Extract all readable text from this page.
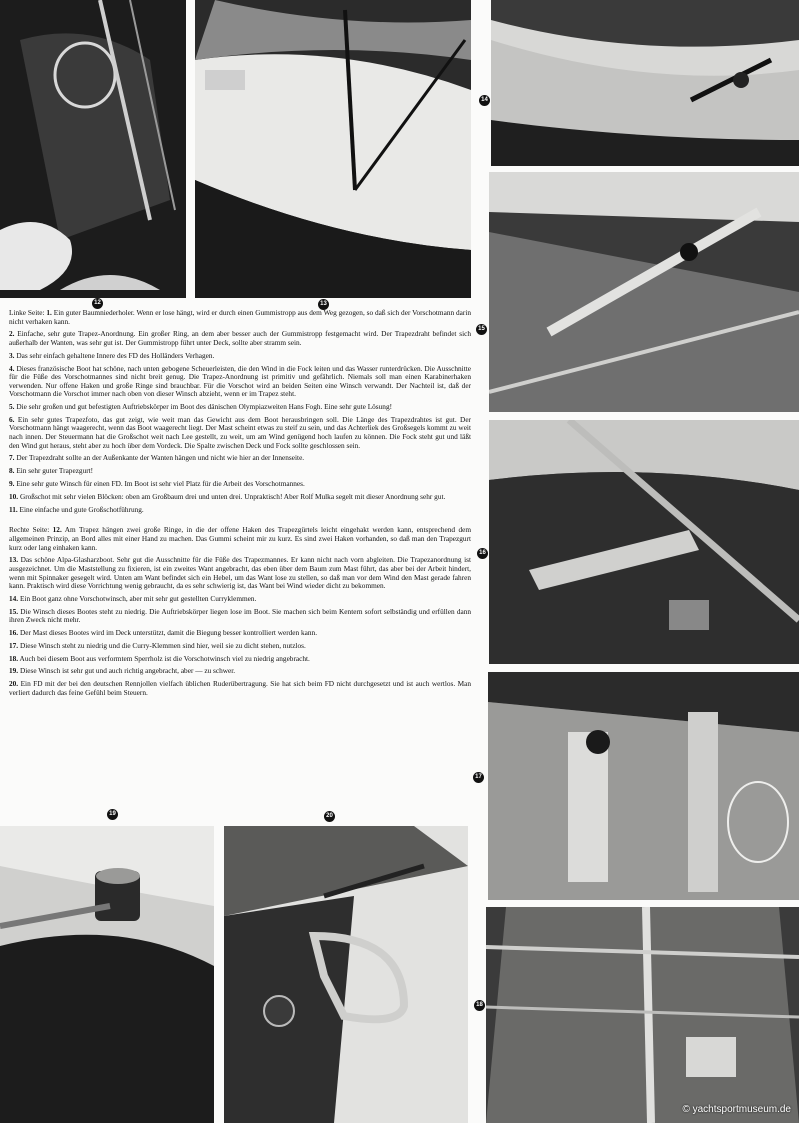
12	13
14
15
16
17
18
19	20

Linke Seite: 1. Ein guter Baumniederholer. Wenn er lose hängt, wird er durch einen Gummistropp aus dem Weg gezogen, so daß sich der Vorschotmann darin nicht verhaken kann.

2. Einfache, sehr gute Trapez-Anordnung. Ein großer Ring, an dem aber besser auch der Gummistropp festgemacht wird. Der Trapezdraht befindet sich außerhalb der Wanten, was sehr gut ist. Der Gummistropp führt unter Deck, sollte aber stramm sein.

3. Das sehr einfach gehaltene Innere des FD des Holländers Verhagen.

4. Dieses französische Boot hat schöne, nach unten gebogene Scheuerleisten, die den Wind in die Fock leiten und das Wasser runterdrücken. Die Ausschnitte für die Füße des Vorschotmannes sind nicht breit genug. Die Trapez-Anordnung ist primitiv und gefährlich. Niemals soll man einen Karabinerhaken verwenden. Nur offene Haken und große Ringe sind brauchbar. Für die Vorschot wird an beiden Seiten eine Winsch verwandt. Der Nachteil ist, daß der Vorschotmann die Vorschot immer nach oben von dieser Winsch abzieht, wenn er im Trapez steht.

5. Die sehr großen und gut befestigten Auftriebskörper im Boot des dänischen Olympiazweiten Hans Fogh. Eine sehr gute Lösung!

6. Ein sehr gutes Trapezfoto, das gut zeigt, wie weit man das Gewicht aus dem Boot herausbringen soll. Die Länge des Trapezdrahtes ist gut. Der Vorschotmann hängt waagerecht, wenn das Boot waagerecht liegt. Der Mast scheint etwas zu steif zu sein, und das Achterliek des Großsegels kommt zu weit nach innen. Der Steuermann hat die Großschot weit nach Lee gestellt, zu weit, um am Wind genügend hoch laufen zu können. Die Fock steht gut und läßt den Wind gut heraus, steht aber zu hoch über dem Vordeck. Die Spalte zwischen Deck und Fock sollte geschlossen sein.

7. Der Trapezdraht sollte an der Außenkante der Wanten hängen und nicht wie hier an der Innenseite.

8. Ein sehr guter Trapezgurt!

9. Eine sehr gute Winsch für einen FD. Im Boot ist sehr viel Platz für die Arbeit des Vorschotmannes.

10. Großschot mit sehr vielen Blöcken: oben am Großbaum drei und unten drei. Unpraktisch! Aber Rolf Mulka segelt mit dieser Anordnung sehr gut.

11. Eine einfache und gute Großschotführung.

Rechte Seite: 12. Am Trapez hängen zwei große Ringe, in die der offene Haken des Trapezgürtels leicht eingehakt werden kann, entsprechend dem allgemeinen Prinzip, an Bord alles mit einer Hand zu machen. Das Gummi scheint mir zu kurz. Es sind zwei Haken vorhanden, so daß man den Trapezgurt kurz oder lang einhaken kann.

13. Das schöne Alpa-Glasharzboot. Sehr gut die Ausschnitte für die Füße des Trapezmannes. Er kann nicht nach vorn abgleiten. Die Trapezanordnung ist ausgezeichnet. Um die Maststellung zu fixieren, ist ein zweites Want angebracht, das eben über dem Baum zum Mast führt, das aber bei der Arbeit hindert, wenn mit Spinnaker gesegelt wird. Unten am Want befindet sich ein Hebel, um das Want lose zu stellen, so daß man vor dem Wind den Mast gerade fahren kann. Praktisch wird diese Vorrichtung wenig gebraucht, da es sehr schwierig ist, das Want bei Wind wieder dicht zu bekommen.

14. Ein Boot ganz ohne Vorschotwinsch, aber mit sehr gut gestellten Curryklemmen.

15. Die Winsch dieses Bootes steht zu niedrig. Die Auftriebskörper liegen lose im Boot. Sie machen sich beim Kentern sofort selbständig und erfüllen dann ihren Zweck nicht mehr.

16. Der Mast dieses Bootes wird im Deck unterstützt, damit die Biegung besser kontrolliert werden kann.

17. Diese Winsch steht zu niedrig und die Curry-Klemmen sind hier, weil sie zu dicht stehen, nutzlos.

18. Auch bei diesem Boot aus verformtem Sperrholz ist die Vorschotwinsch viel zu niedrig angebracht.

19. Diese Winsch ist sehr gut und auch richtig angebracht, aber — zu schwer.

20. Ein FD mit der bei den deutschen Rennjollen vielfach üblichen Ruderübertragung. Sie hat sich beim FD nicht durchgesetzt und ist auch wertlos. Man verliert dadurch das feine Gefühl beim Steuern.

© yachtsportmuseum.de
